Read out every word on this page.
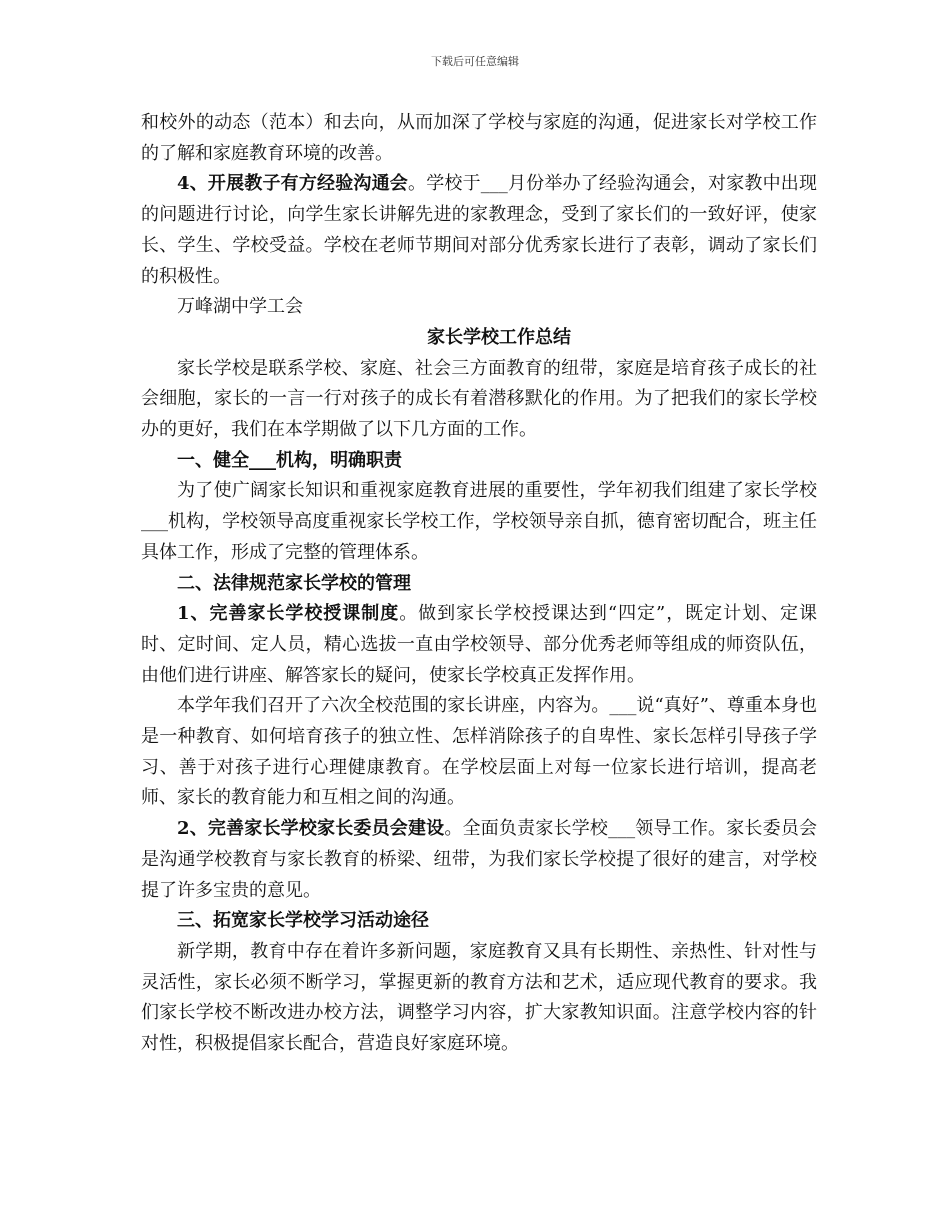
下载后可任意编辑

和校外的动态（范本）和去向，从而加深了学校与家庭的沟通，促进家长对学校工作的了解和家庭教育环境的改善。

4、开展教子有方经验沟通会。学校于___月份举办了经验沟通会，对家教中出现的问题进行讨论，向学生家长讲解先进的家教理念，受到了家长们的一致好评，使家长、学生、学校受益。学校在老师节期间对部分优秀家长进行了表彰，调动了家长们的积极性。

万峰湖中学工会

家长学校工作总结

家长学校是联系学校、家庭、社会三方面教育的纽带，家庭是培育孩子成长的社会细胞，家长的一言一行对孩子的成长有着潜移默化的作用。为了把我们的家长学校办的更好，我们在本学期做了以下几方面的工作。

一、健全___机构，明确职责

为了使广阔家长知识和重视家庭教育进展的重要性，学年初我们组建了家长学校___机构，学校领导高度重视家长学校工作，学校领导亲自抓，德育密切配合，班主任具体工作，形成了完整的管理体系。

二、法律规范家长学校的管理

1、完善家长学校授课制度。做到家长学校授课达到“四定”，既定计划、定课时、定时间、定人员，精心选拔一直由学校领导、部分优秀老师等组成的师资队伍，由他们进行讲座、解答家长的疑问，使家长学校真正发挥作用。

本学年我们召开了六次全校范围的家长讲座，内容为。___说“真好”、尊重本身也是一种教育、如何培育孩子的独立性、怎样消除孩子的自卑性、家长怎样引导孩子学习、善于对孩子进行心理健康教育。在学校层面上对每一位家长进行培训，提高老师、家长的教育能力和互相之间的沟通。

2、完善家长学校家长委员会建设。全面负责家长学校___领导工作。家长委员会是沟通学校教育与家长教育的桥梁、纽带，为我们家长学校提了很好的建言，对学校提了许多宝贵的意见。

三、拓宽家长学校学习活动途径

新学期，教育中存在着许多新问题，家庭教育又具有长期性、亲热性、针对性与灵活性，家长必须不断学习，掌握更新的教育方法和艺术，适应现代教育的要求。我们家长学校不断改进办校方法，调整学习内容，扩大家教知识面。注意学校内容的针对性，积极提倡家长配合，营造良好家庭环境。
